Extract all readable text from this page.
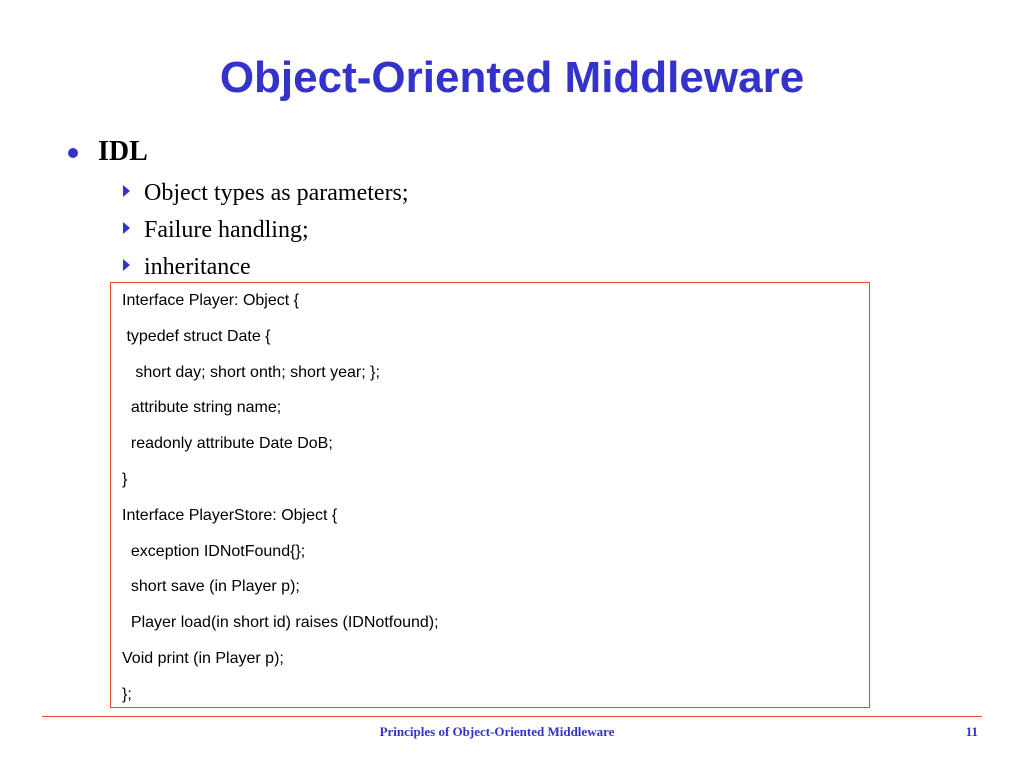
Object-Oriented Middleware
IDL
Object types as parameters;
Failure handling;
inheritance
Interface Player: Object {
typedef struct Date {
short day; short onth; short year; };
attribute string name;
readonly attribute Date DoB;
}
Interface PlayerStore: Object {
exception IDNotFound{};
short save (in Player p);
Player load(in short id) raises (IDNotfound);
Void print (in Player p);
};
Principles of Object-Oriented Middleware	11
